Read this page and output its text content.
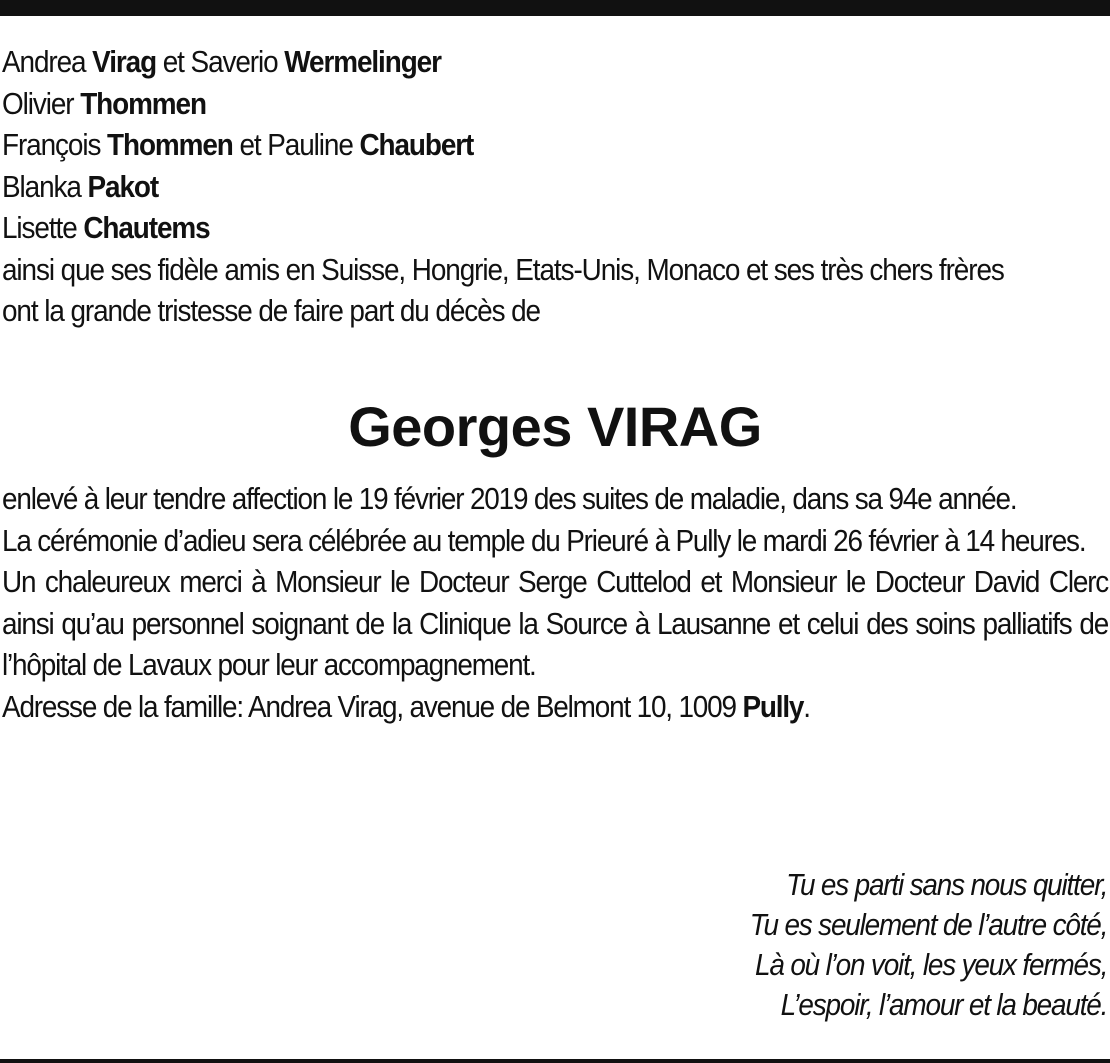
Andrea Virag et Saverio Wermelinger
Olivier Thommen
François Thommen et Pauline Chaubert
Blanka Pakot
Lisette Chautems

ainsi que ses fidèle amis en Suisse, Hongrie, Etats-Unis, Monaco et ses très chers frères

ont la grande tristesse de faire part du décès de

Georges VIRAG

enlevé à leur tendre affection le 19 février 2019 des suites de maladie, dans sa 94e année.

La cérémonie d’adieu sera célébrée au temple du Prieuré à Pully le mardi 26 février à 14 heures.

Un chaleureux merci à Monsieur le Docteur Serge Cuttelod et Monsieur le Docteur David Clerc ainsi qu’au personnel soignant de la Clinique la Source à Lausanne et celui des soins palliatifs de l’hôpital de Lavaux pour leur accompagnement.

Adresse de la famille: Andrea Virag, avenue de Belmont 10, 1009 Pully.

Tu es parti sans nous quitter,
Tu es seulement de l’autre côté,
Là où l’on voit, les yeux fermés,
L’espoir, l’amour et la beauté.
